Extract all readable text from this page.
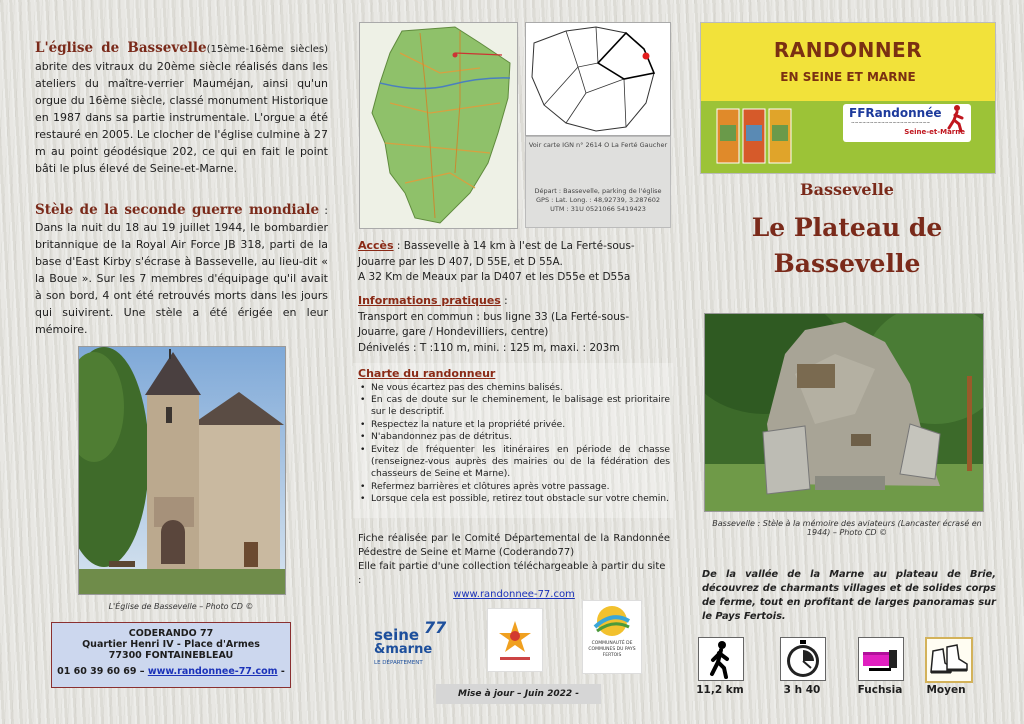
L'église de Bassevelle(15ème-16ème siècles) abrite des vitraux du 20ème siècle réalisés dans les ateliers du maître-verrier Mauméjan, ainsi qu'un orgue du 16ème siècle, classé monument Historique en 1987 dans sa partie instrumentale. L'orgue a été restauré en 2005. Le clocher de l'église culmine à 27 m au point géodésique 202, ce qui en fait le point bâti le plus élevé de Seine-et-Marne.
Stèle de la seconde guerre mondiale : Dans la nuit du 18 au 19 juillet 1944, le bombardier britannique de la Royal Air Force JB 318, parti de la base d'East Kirby s'écrase à Bassevelle, au lieu-dit « la Boue ». Sur les 7 membres d'équipage qu'il avait à son bord, 4 ont été retrouvés morts dans les jours qui suivirent. Une stèle a été érigée en leur mémoire.
L'Église de Bassevelle – Photo CD ©
CODERANDO 77
Quartier Henri IV - Place d'Armes
77300 FONTAINEBLEAU
01 60 39 60 69 – www.randonnee-77.com -
Voir carte IGN n° 2614 O La Ferté Gaucher
Départ : Bassevelle, parking de l'église
GPS : Lat. Long. : 48,92739, 3.287602
UTM : 31U 0521066 5419423
Accès : Bassevelle à 14 km à l'est de La Ferté-sous-Jouarre par les D 407, D 55E, et D 55A.
A 32 Km de Meaux par la D407 et les D55e et D55a
Informations pratiques :
Transport en commun : bus ligne 33 (La Ferté-sous-Jouarre, gare / Hondevilliers, centre)
Dénivelés : T :110 m, mini. : 125 m, maxi. : 203m
Charte du randonneur
• Ne vous écartez pas des chemins balisés.
• En cas de doute sur le cheminement, le balisage est prioritaire sur le descriptif.
• Respectez la nature et la propriété privée.
• N'abandonnez pas de détritus.
• Evitez de fréquenter les itinéraires en période de chasse (renseignez-vous auprès des mairies ou de la fédération des chasseurs de Seine et Marne).
• Refermez barrières et clôtures après votre passage.
• Lorsque cela est possible, retirez tout obstacle sur votre chemin.
Fiche réalisée par le Comité Départemental de la Randonnée Pédestre de Seine et Marne (Coderando77)
Elle fait partie d'une collection téléchargeable à partir du site :
www.randonnee-77.com
seine 77
&marne
LE DÉPARTEMENT
COMMUNAUTÉ DE COMMUNES DU PAYS FERTOIS
Mise à jour – Juin 2022 -
RANDONNER
EN SEINE ET MARNE
FFRandonnée
~~~~~~~~~~~~~~~~~~~~~
Seine-et-Marne
Bassevelle
Le Plateau de Bassevelle
Bassevelle : Stèle à la mémoire des aviateurs (Lancaster écrasé en 1944) – Photo CD ©
De la vallée de la Marne au plateau de Brie, découvrez de charmants villages et de solides corps de ferme, tout en profitant de larges panoramas sur le Pays Fertois.
11,2 km	3 h 40	Fuchsia	Moyen
